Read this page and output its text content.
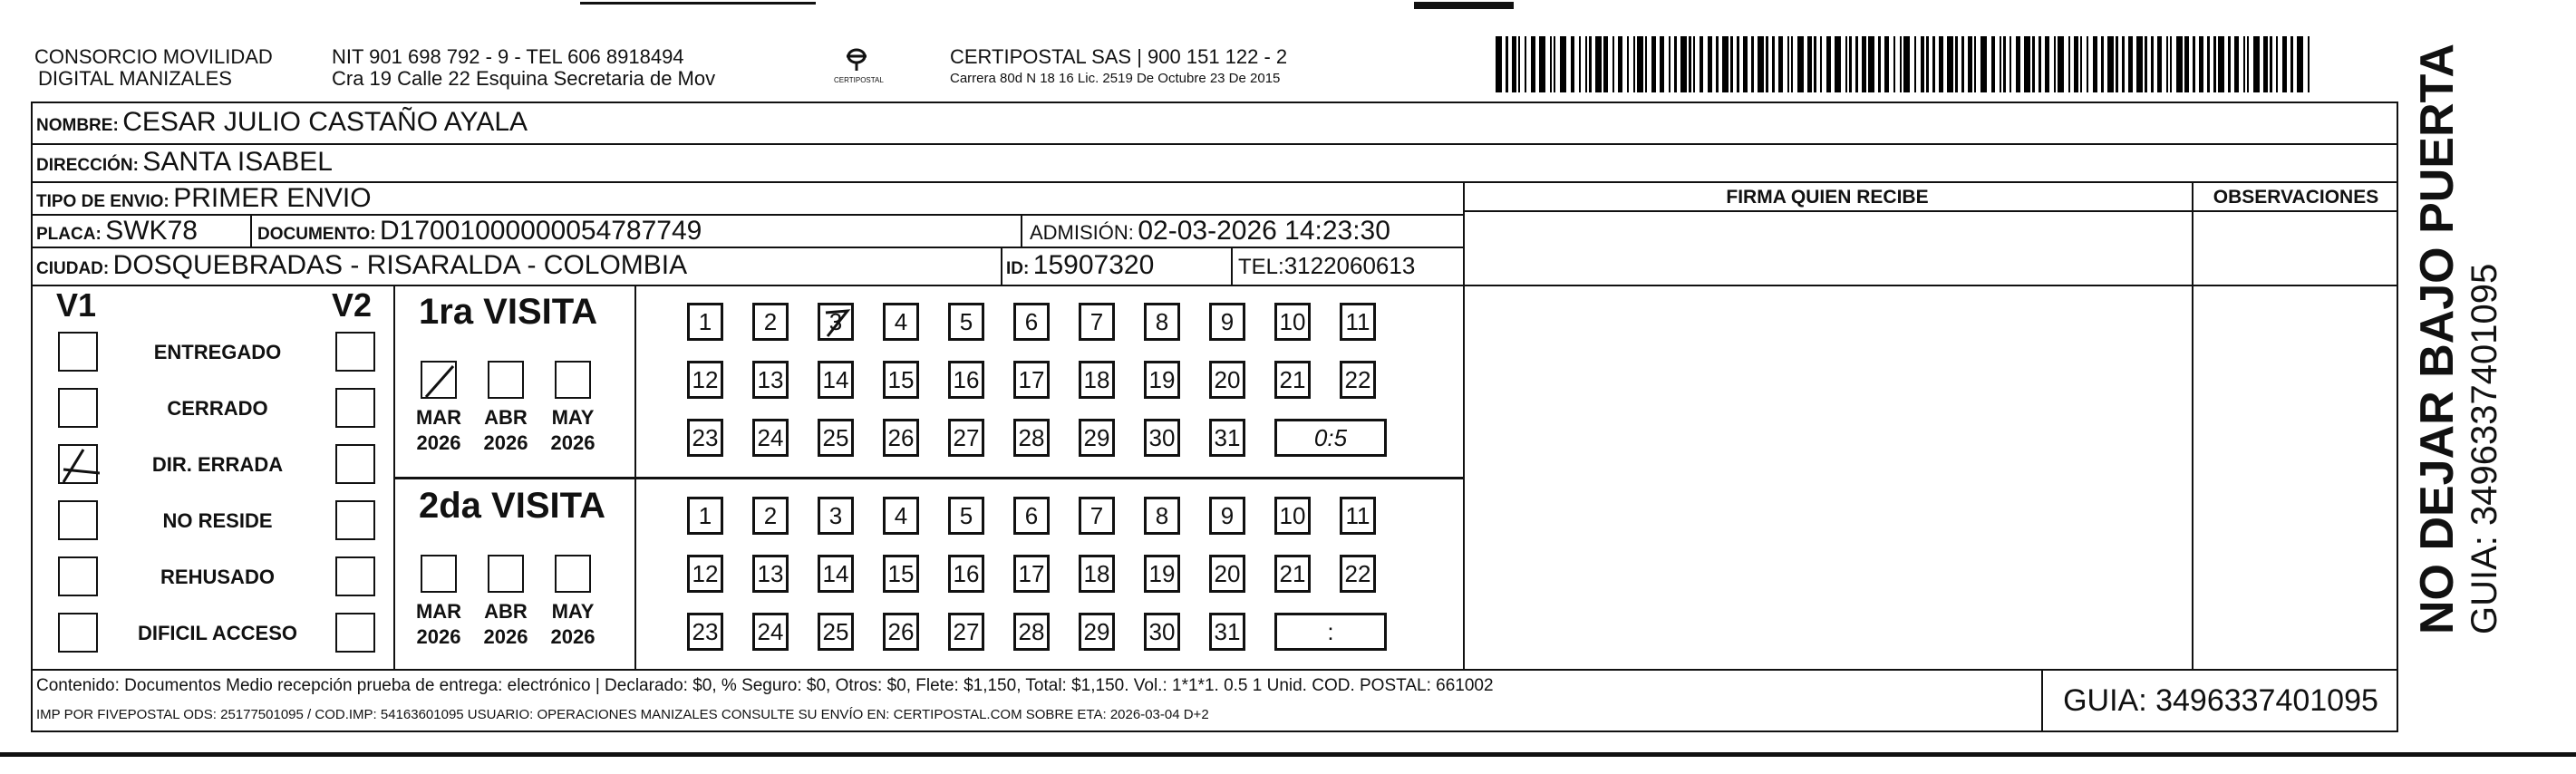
CONSORCIO MOVILIDAD
DIGITAL MANIZALES
NIT 901 698 792 - 9 - TEL 606 8918494
Cra 19 Calle 22 Esquina Secretaria de Mov	CERTIPOSTAL
CERTIPOSTAL SAS | 900 151 122 - 2
Carrera 80d N 18 16 Lic. 2519 De Octubre 23 De 2015
NOMBRE: CESAR JULIO CASTAÑO AYALA
DIRECCIÓN: SANTA ISABEL
TIPO DE ENVIO: PRIMER ENVIO	FIRMA QUIEN RECIBE	OBSERVACIONES
PLACA: SWK78	DOCUMENTO: D17001000000054787749	ADMISIÓN: 02-03-2026 14:23:30
CIUDAD: DOSQUEBRADAS - RISARALDA - COLOMBIA	ID: 15907320	TEL:3122060613
V1	V2
ENTREGADO
CERRADO
DIR. ERRADA
NO RESIDE
REHUSADO
DIFICIL ACCESO
1ra VISITA
2da VISITA
MAR
2026
ABR
2026
MAY
2026
1	2	3	4	5	6	7	8	9	10 11
12 13 14 15 16 17 18 19 20 21 22
23 24 25 26 27 28 29 30 31	0:5
MAR
2026
ABR
2026
MAY
2026
1	2	3	4	5	6	7	8	9	10 11
12 13 14 15 16 17 18 19 20 21 22
23 24 25 26 27 28 29 30 31	:
Contenido: Documentos Medio recepción prueba de entrega: electrónico | Declarado: $0, % Seguro: $0, Otros: $0, Flete: $1,150, Total: $1,150. Vol.: 1*1*1. 0.5 1 Unid. COD. POSTAL: 661002
IMP POR FIVEPOSTAL ODS: 25177501095 / COD.IMP: 54163601095 USUARIO: OPERACIONES MANIZALES CONSULTE SU ENVÍO EN: CERTIPOSTAL.COM SOBRE ETA: 2026-03-04 D+2	GUIA: 3496337401095
NO DEJAR BAJO PUERTA GUIA: 3496337401095
